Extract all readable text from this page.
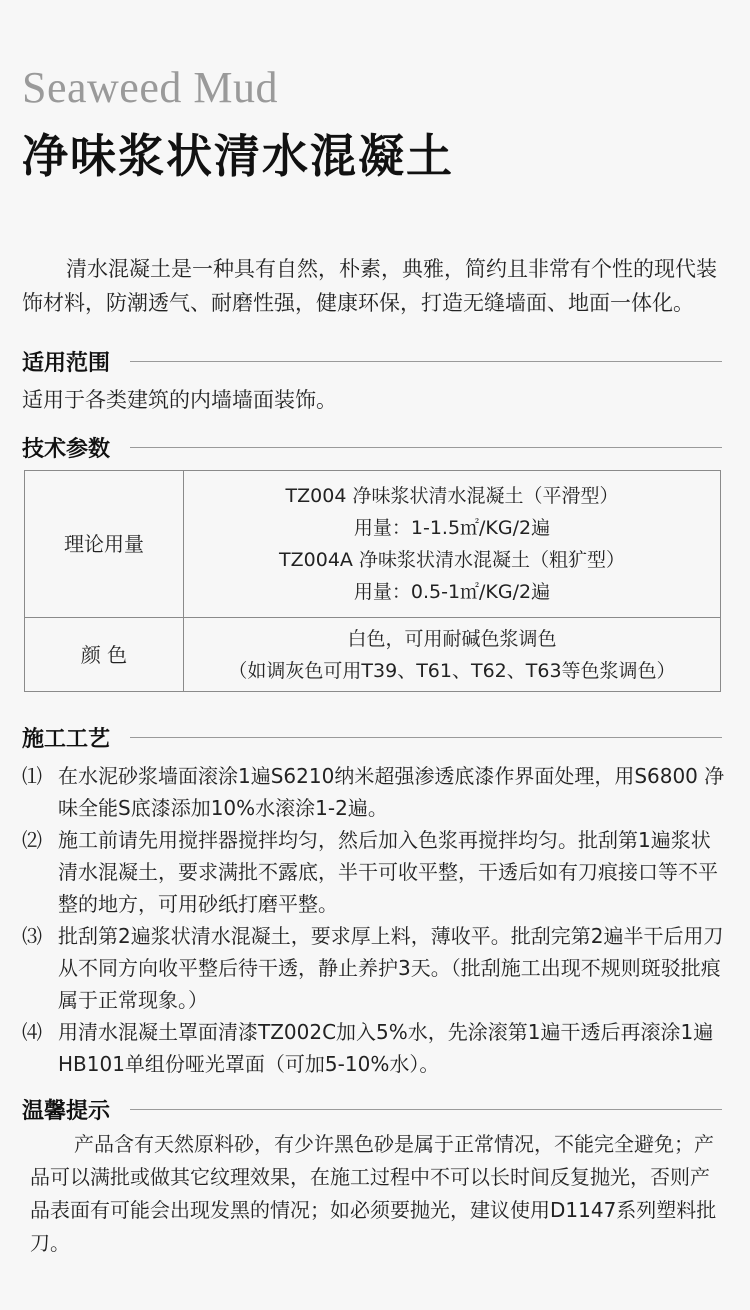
Seaweed Mud
净味浆状清水混凝土
清水混凝土是一种具有自然，朴素，典雅，简约且非常有个性的现代装饰材料，防潮透气、耐磨性强，健康环保，打造无缝墙面、地面一体化。
适用范围
适用于各类建筑的内墙墙面装饰。
技术参数
理论用量	TZ004 净味浆状清水混凝土（平滑型）
用量：1-1.5㎡/KG/2遍
TZ004A 净味浆状清水混凝土（粗犷型）
用量：0.5-1㎡/KG/2遍

颜 色	白色，可用耐碱色浆调色
（如调灰色可用T39、T61、T62、T63等色浆调色）
施工工艺
⑴ 在水泥砂浆墙面滚涂1遍S6210纳米超强渗透底漆作界面处理，用S6800 净味全能S底漆添加10%水滚涂1-2遍。
⑵ 施工前请先用搅拌器搅拌均匀，然后加入色浆再搅拌均匀。批刮第1遍浆状清水混凝土，要求满批不露底，半干可收平整，干透后如有刀痕接口等不平整的地方，可用砂纸打磨平整。
⑶ 批刮第2遍浆状清水混凝土，要求厚上料，薄收平。批刮完第2遍半干后用刀从不同方向收平整后待干透，静止养护3天。（批刮施工出现不规则斑驳批痕属于正常现象。）
⑷ 用清水混凝土罩面清漆TZ002C加入5%水，先涂滚第1遍干透后再滚涂1遍HB101单组份哑光罩面（可加5-10%水）。
温馨提示
产品含有天然原料砂，有少许黑色砂是属于正常情况，不能完全避免；产品可以满批或做其它纹理效果，在施工过程中不可以长时间反复抛光，否则产品表面有可能会出现发黑的情况；如必须要抛光，建议使用D1147系列塑料批刀。
